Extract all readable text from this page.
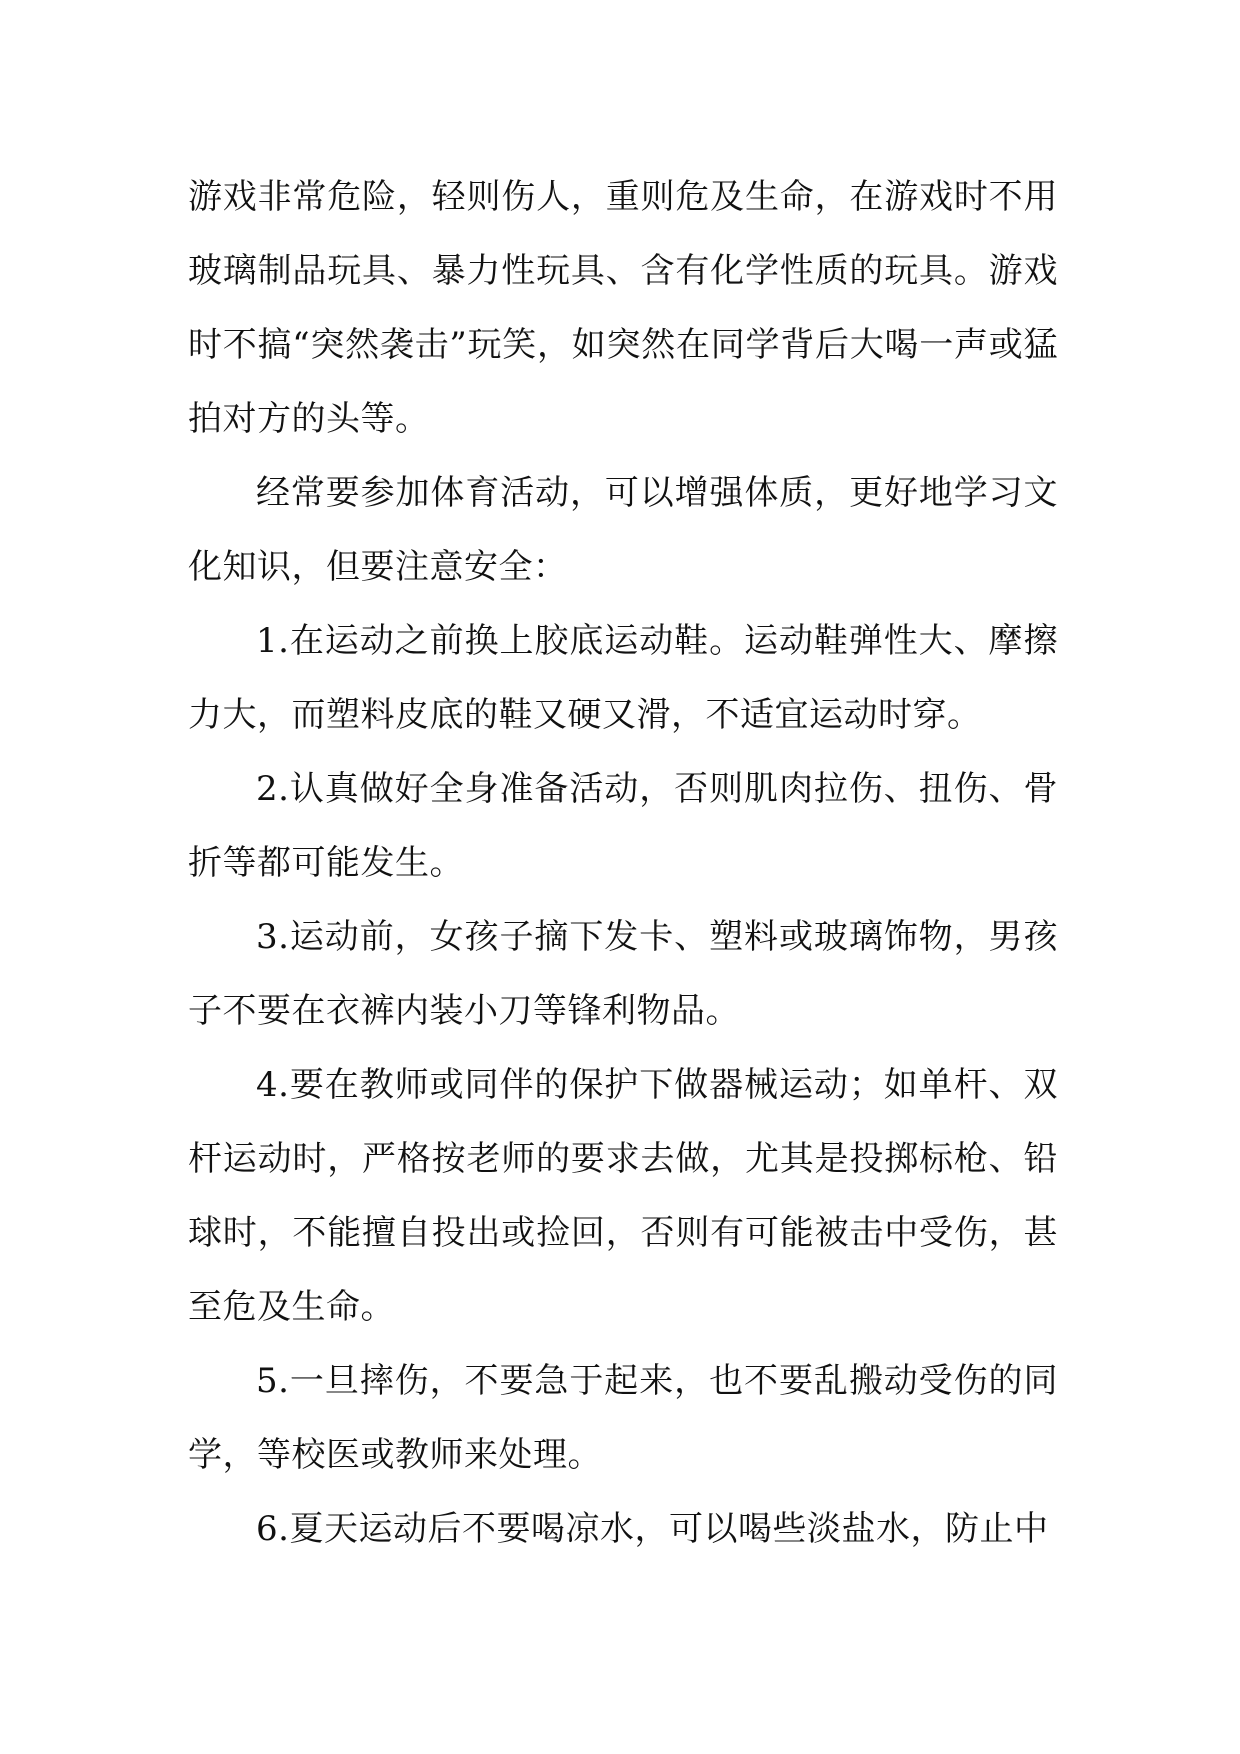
游戏非常危险，轻则伤人，重则危及生命，在游戏时不用玻璃制品玩具、暴力性玩具、含有化学性质的玩具。游戏时不搞“突然袭击”玩笑，如突然在同学背后大喝一声或猛拍对方的头等。

经常要参加体育活动，可以增强体质，更好地学习文化知识，但要注意安全：

1.在运动之前换上胶底运动鞋。运动鞋弹性大、摩擦力大，而塑料皮底的鞋又硬又滑，不适宜运动时穿。

2.认真做好全身准备活动，否则肌肉拉伤、扭伤、骨折等都可能发生。

3.运动前，女孩子摘下发卡、塑料或玻璃饰物，男孩子不要在衣裤内装小刀等锋利物品。

4.要在教师或同伴的保护下做器械运动；如单杆、双杆运动时，严格按老师的要求去做，尤其是投掷标枪、铅球时，不能擅自投出或捡回，否则有可能被击中受伤，甚至危及生命。

5.一旦摔伤，不要急于起来，也不要乱搬动受伤的同学，等校医或教师来处理。

6.夏天运动后不要喝凉水，可以喝些淡盐水，防止中
